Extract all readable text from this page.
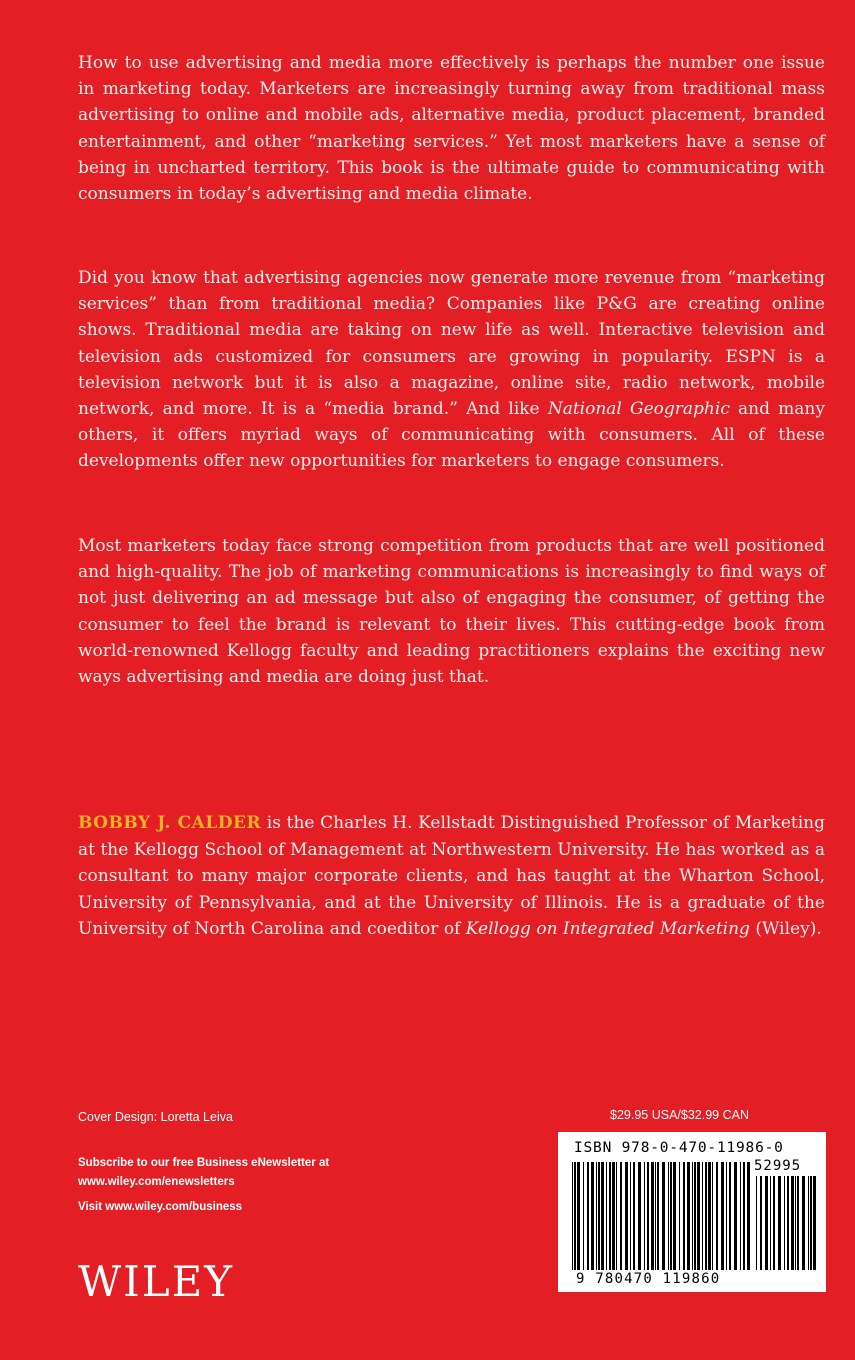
How to use advertising and media more effectively is perhaps the number one issue in marketing today. Marketers are increasingly turning away from traditional mass advertising to online and mobile ads, alternative media, product placement, branded entertainment, and other “marketing services.” Yet most marketers have a sense of being in uncharted territory. This book is the ultimate guide to communicating with consumers in today’s advertising and media climate.

Did you know that advertising agencies now generate more revenue from “marketing services” than from traditional media? Companies like P&G are creating online shows. Traditional media are taking on new life as well. Interactive television and television ads customized for consumers are growing in popularity. ESPN is a television network but it is also a magazine, online site, radio network, mobile network, and more. It is a “media brand.” And like National Geographic and many others, it offers myriad ways of communicating with consumers. All of these developments offer new opportunities for marketers to engage consumers.

Most marketers today face strong competition from products that are well positioned and high-quality. The job of marketing communications is increasingly to find ways of not just delivering an ad message but also of engaging the consumer, of getting the consumer to feel the brand is relevant to their lives. This cutting-edge book from world-renowned Kellogg faculty and leading practitioners explains the exciting new ways advertising and media are doing just that.

BOBBY J. CALDER is the Charles H. Kellstadt Distinguished Professor of Marketing at the Kellogg School of Management at Northwestern University. He has worked as a consultant to many major corporate clients, and has taught at the Wharton School, University of Pennsylvania, and at the University of Illinois. He is a graduate of the University of North Carolina and coeditor of Kellogg on Integrated Marketing (Wiley).

Cover Design: Loretta Leiva
Subscribe to our free Business eNewsletter at
www.wiley.com/enewsletters
Visit www.wiley.com/business
WILEY
$29.95 USA/$32.99 CAN
ISBN 978-0-470-11986-0
52995
9 780470 119860
